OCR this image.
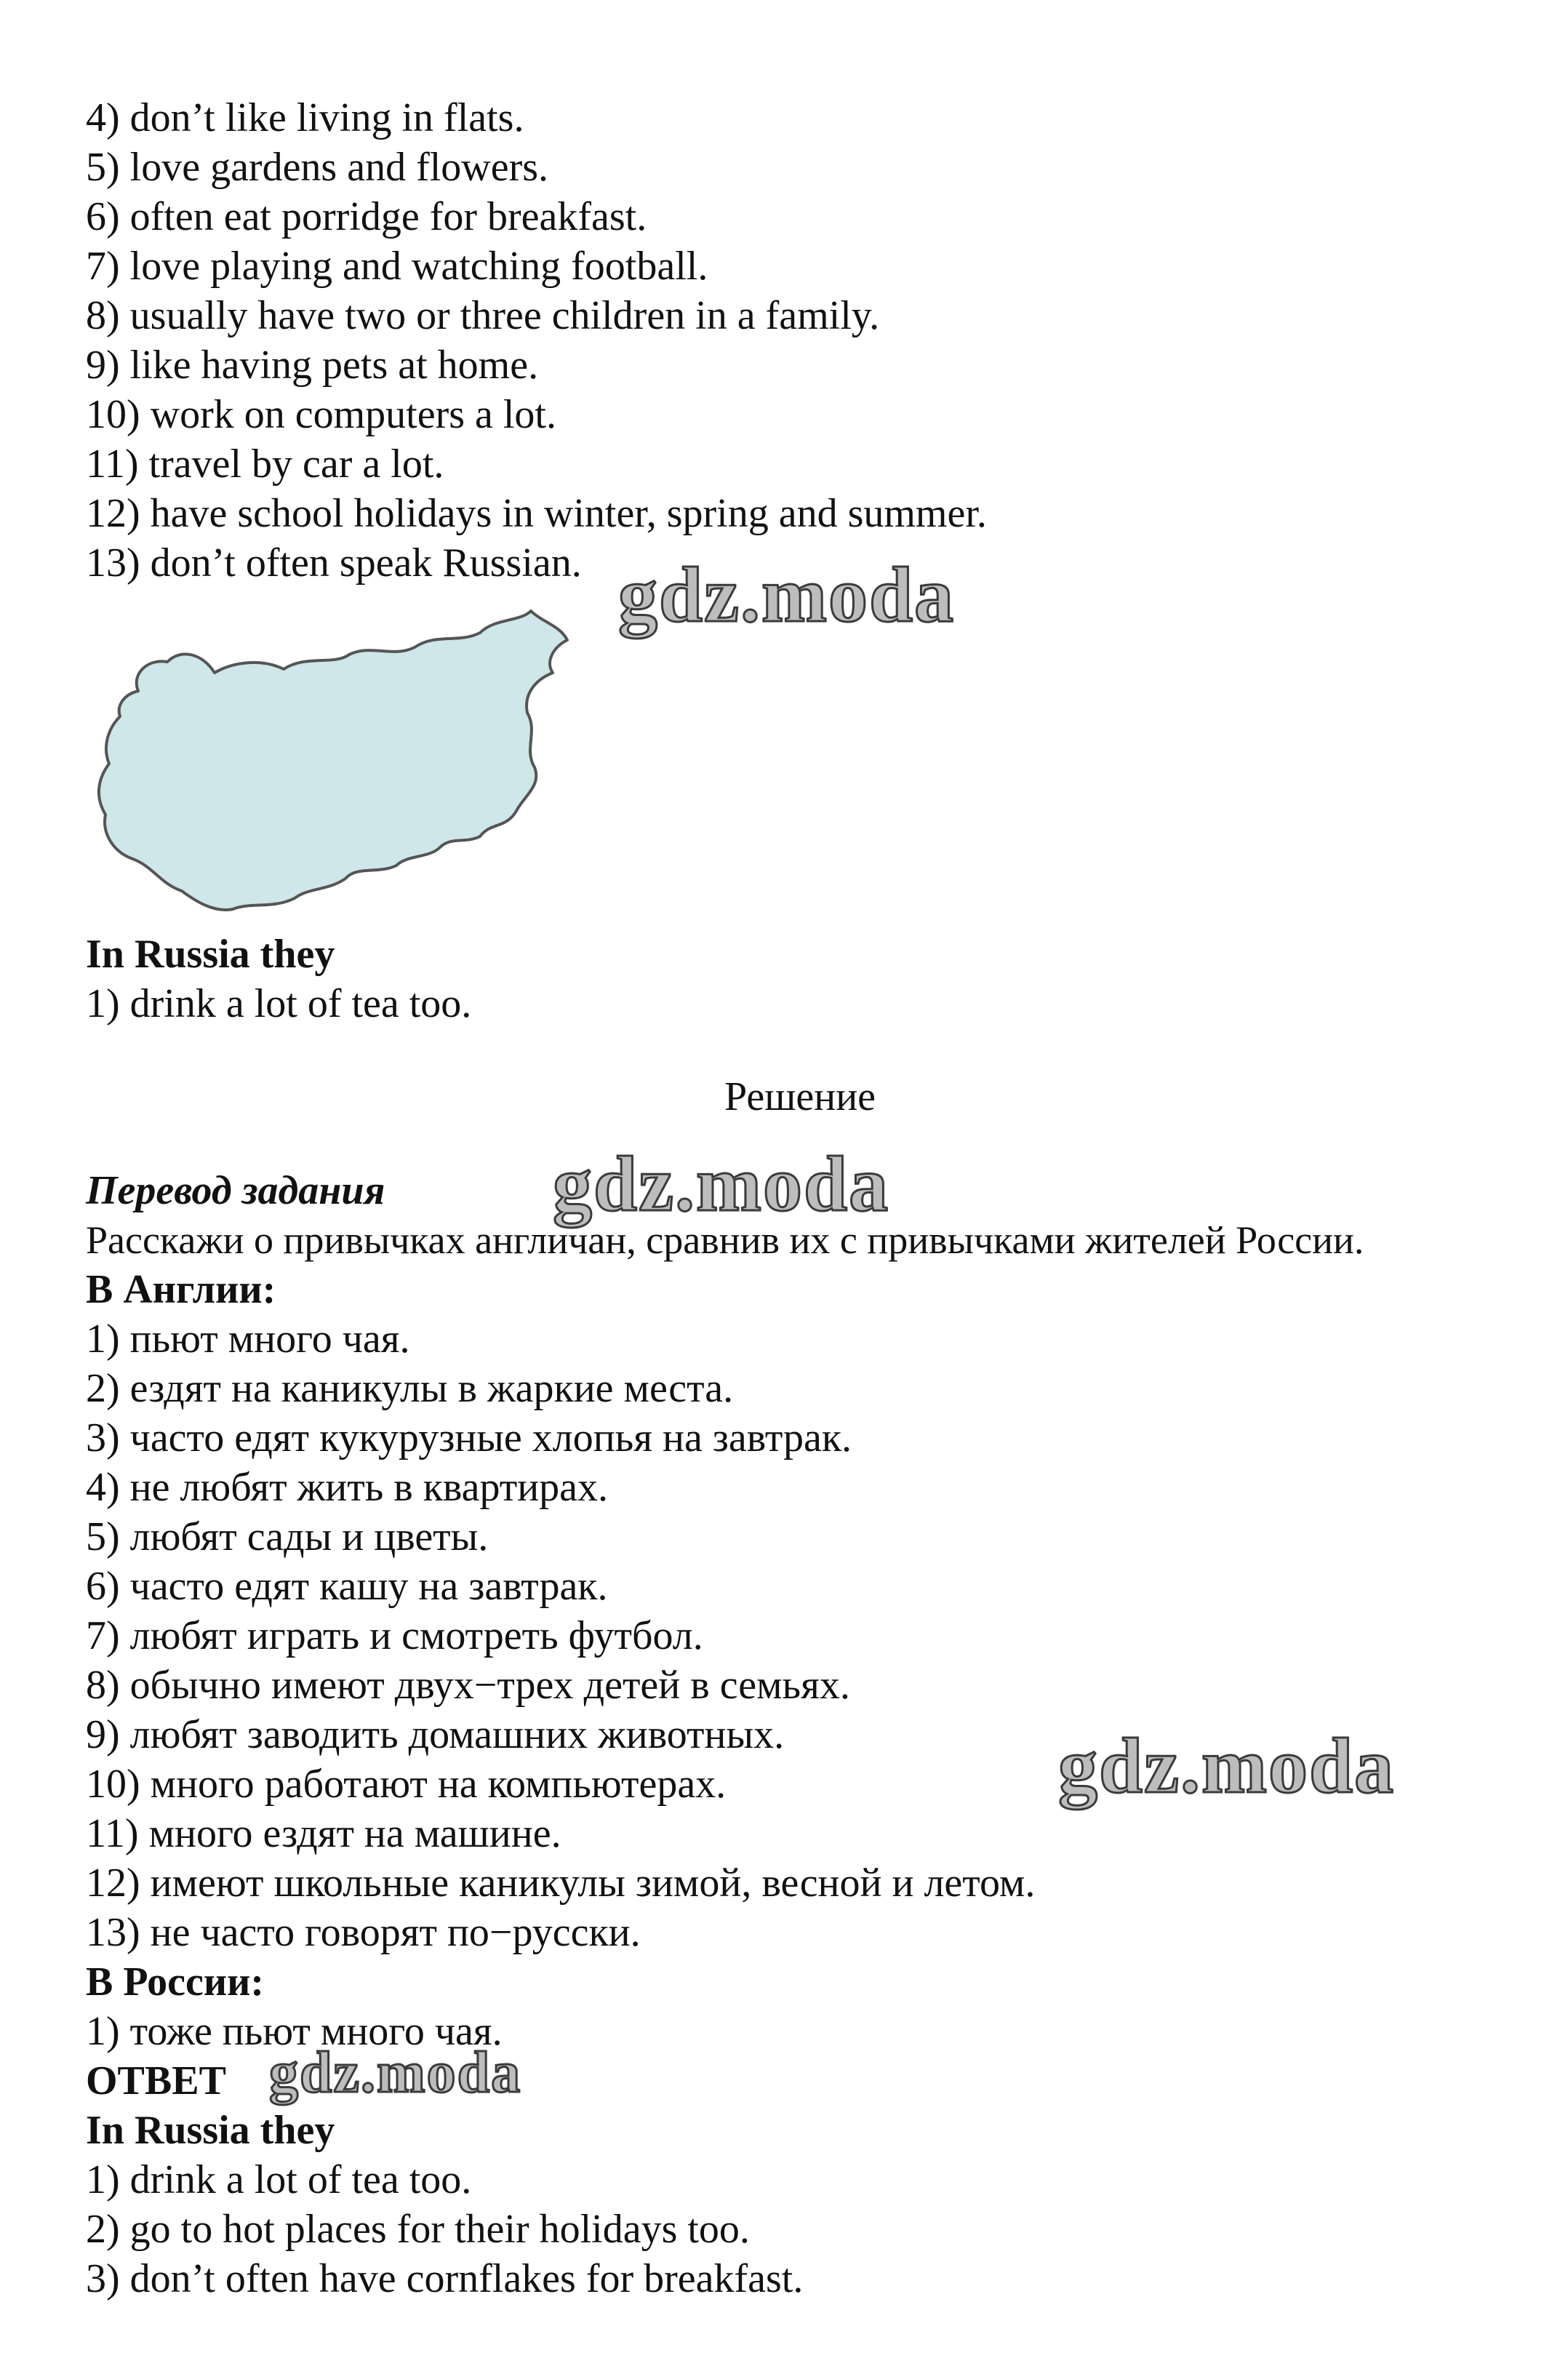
4) don’t like living in flats.
5) love gardens and flowers.
6) often eat porridge for breakfast.
7) love playing and watching football.
8) usually have two or three children in a family.
9) like having pets at home.
10) work on computers a lot.
11) travel by car a lot.
12) have school holidays in winter, spring and summer.
13) don’t often speak Russian. gdz.moda
In Russia they
1) drink a lot of tea too.
Решение
Перевод задания gdz.moda
Расскажи о привычках англичан, сравнив их с привычками жителей России.
В Англии:
1) пьют много чая.
2) ездят на каникулы в жаркие места.
3) часто едят кукурузные хлопья на завтрак.
4) не любят жить в квартирах.
5) любят сады и цветы.
6) часто едят кашу на завтрак.
7) любят играть и смотреть футбол.
8) обычно имеют двух−трех детей в семьях.
9) любят заводить домашних животных.
10) много работают на компьютерах.
11) много ездят на машине.
12) имеют школьные каникулы зимой, весной и летом.
13) не часто говорят по−русски.
gdz.moda
В России:
1) тоже пьют много чая.
ОТВЕТ gdz.moda
In Russia they
1) drink a lot of tea too.
2) go to hot places for their holidays too.
3) don’t often have cornflakes for breakfast.
